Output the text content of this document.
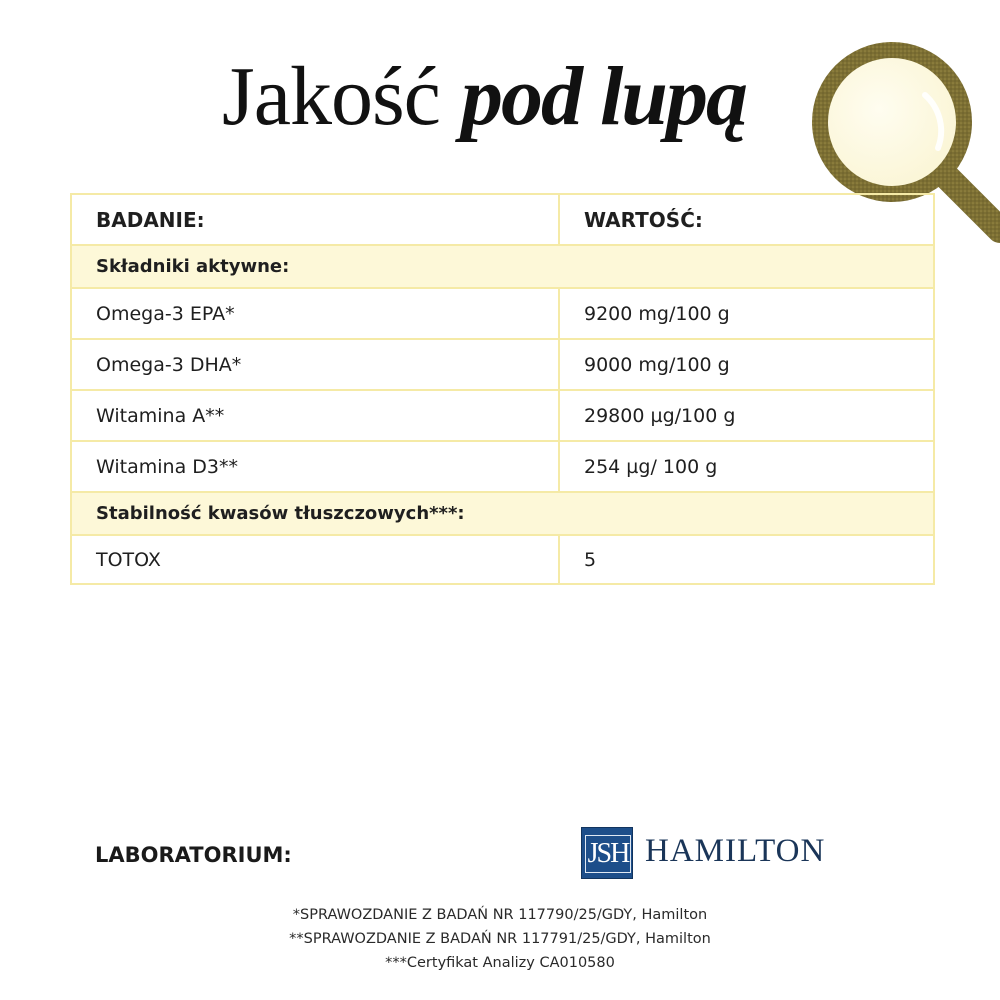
Jakość pod lupą
BADANIE:	WARTOŚĆ:
Składniki aktywne:	
Omega-3 EPA*	9200 mg/100 g
Omega-3 DHA*	9000 mg/100 g
Witamina A**	29800 µg/100 g
Witamina D3**	254 µg/ 100 g
Stabilność kwasów tłuszczowych***:	
TOTOX	5
LABORATORIUM:	JSH HAMILTON
*SPRAWOZDANIE Z BADAŃ NR 117790/25/GDY, Hamilton
**SPRAWOZDANIE Z BADAŃ NR 117791/25/GDY, Hamilton
***Certyfikat Analizy CA010580
